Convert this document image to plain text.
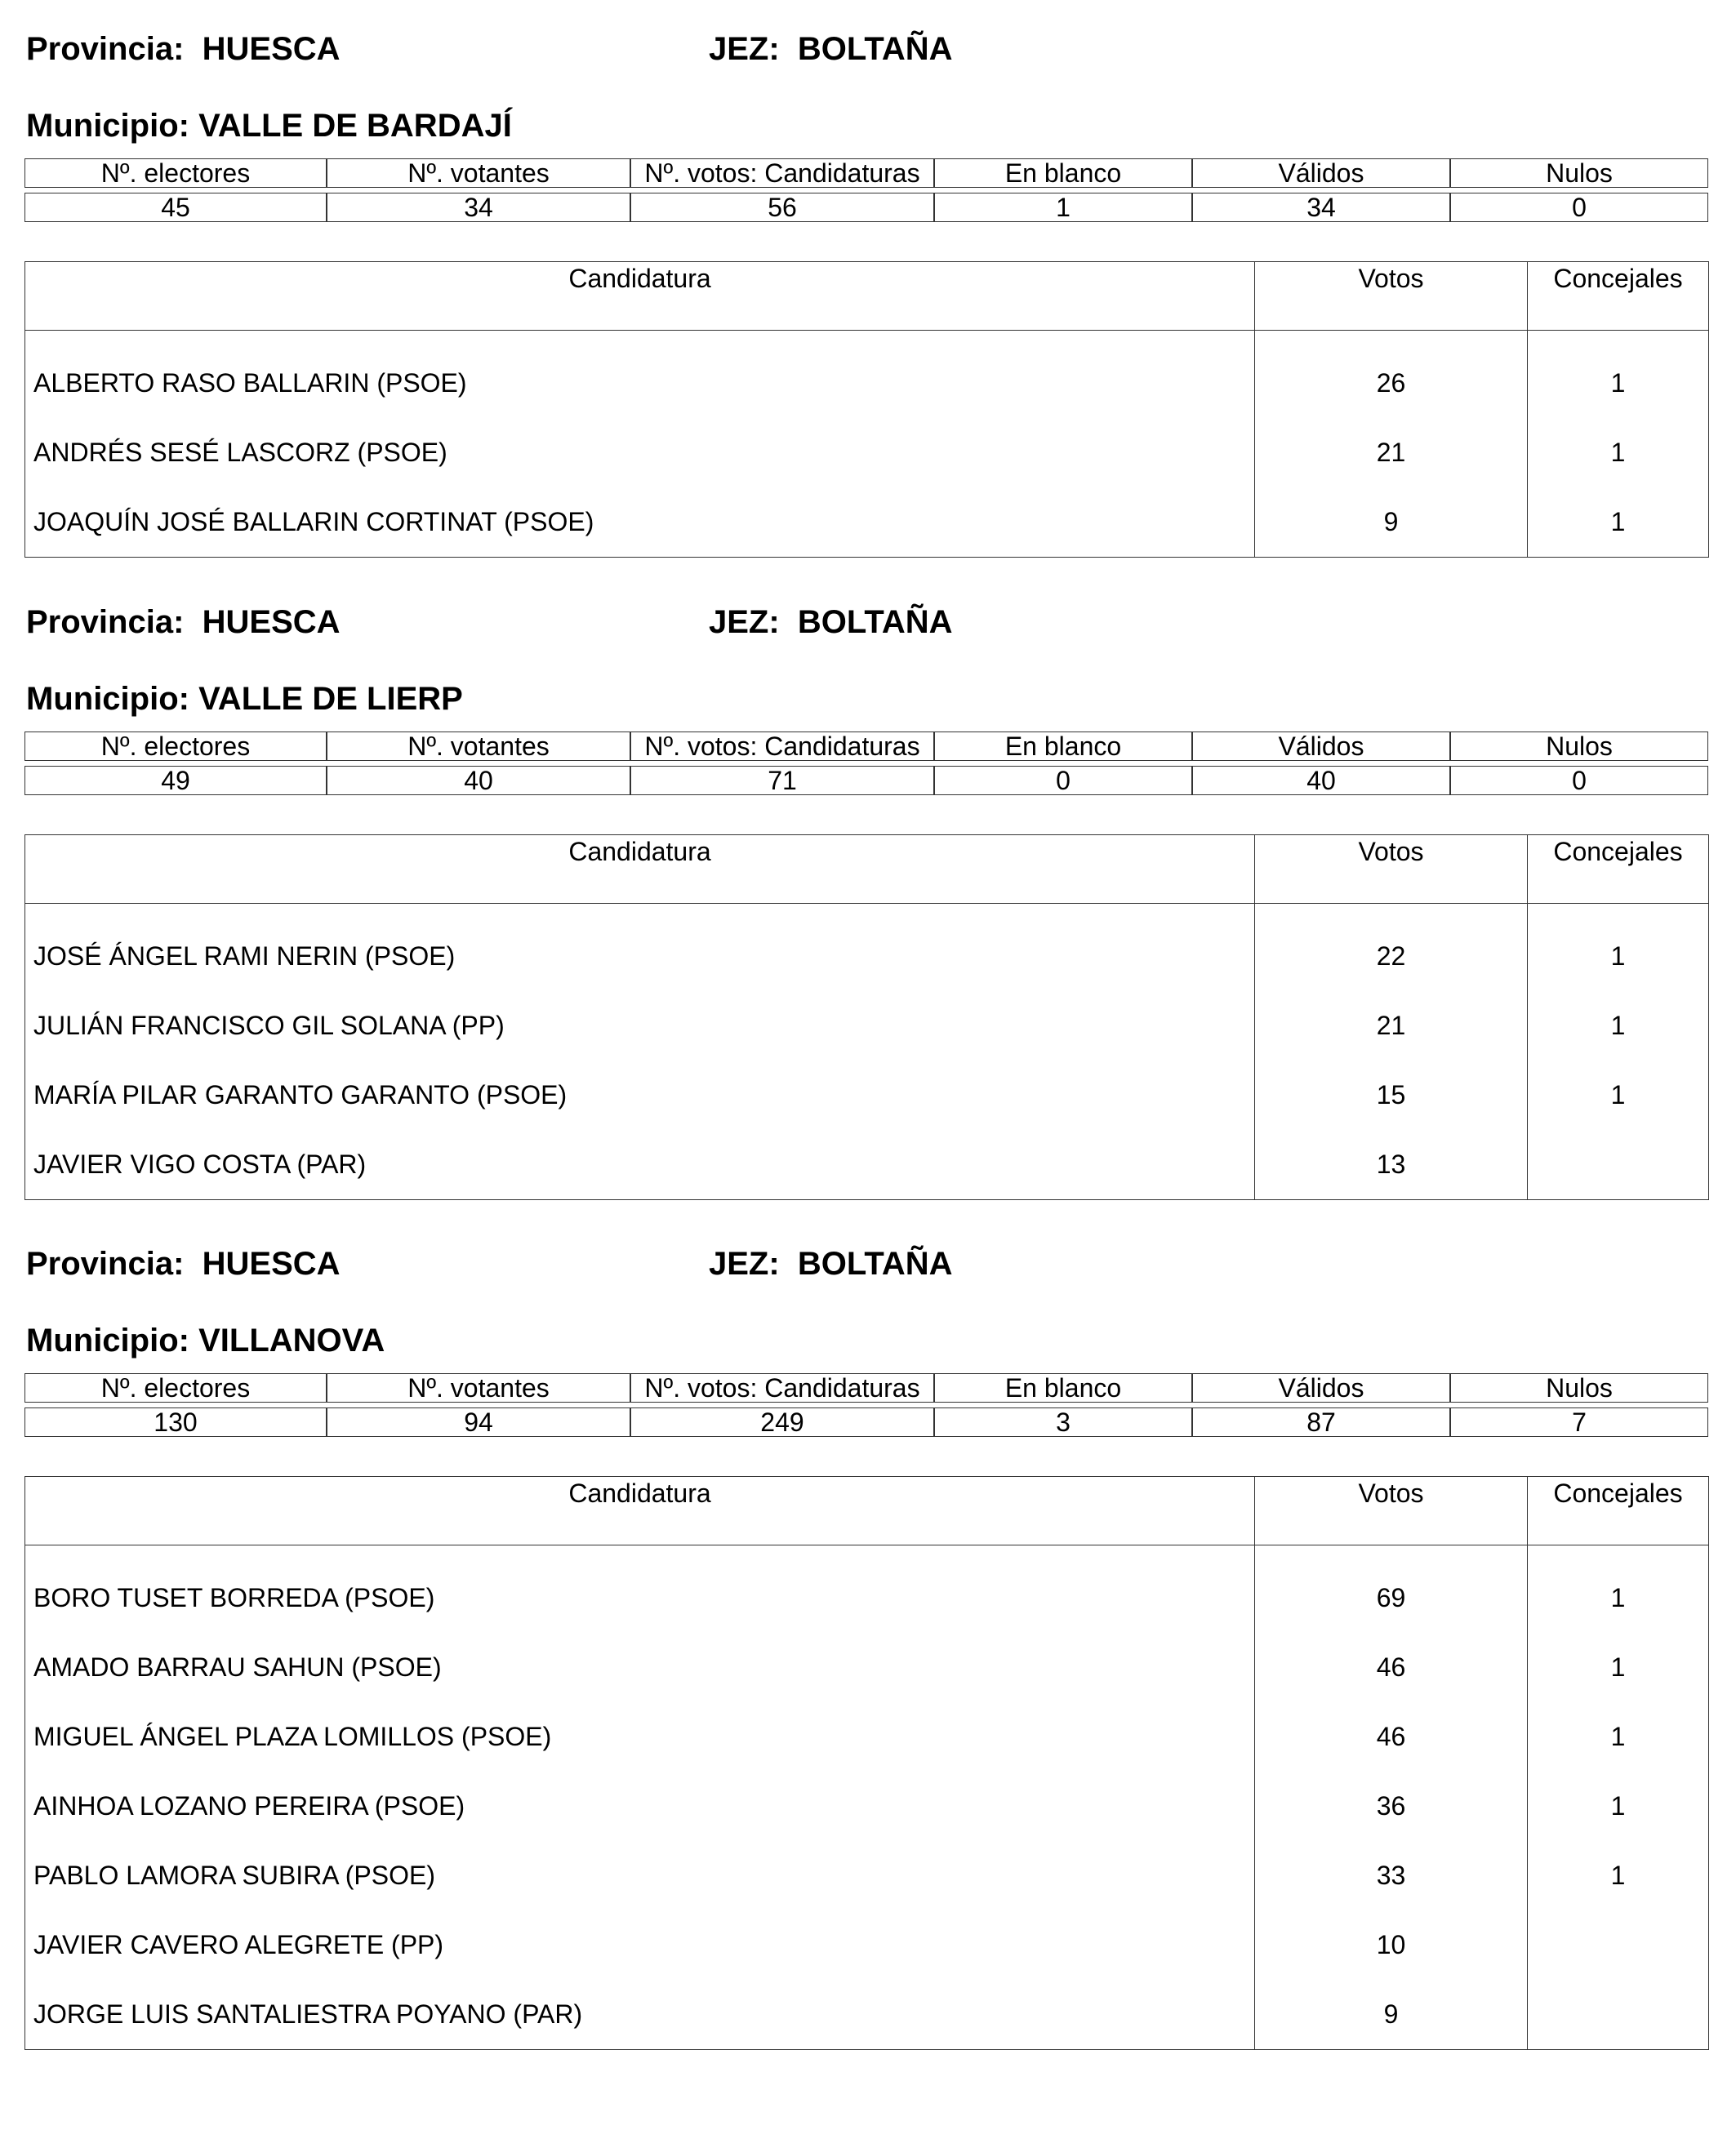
Provincia: HUESCA	JEZ: BOLTAÑA
Municipio: VALLE DE BARDAJÍ
Nº. electores	Nº. votantes	Nº. votos: Candidaturas	En blanco	Válidos	Nulos

45	34	56	1	34	0
Candidatura	Votos	Concejales

ALBERTO RASO BALLARIN (PSOE)	26	1
ANDRÉS SESÉ LASCORZ (PSOE)	21	1
JOAQUÍN JOSÉ BALLARIN CORTINAT (PSOE)	9	1
Provincia: HUESCA	JEZ: BOLTAÑA
Municipio: VALLE DE LIERP
Nº. electores	Nº. votantes	Nº. votos: Candidaturas	En blanco	Válidos	Nulos

49	40	71	0	40	0
Candidatura	Votos	Concejales

JOSÉ ÁNGEL RAMI NERIN (PSOE)	22	1
JULIÁN FRANCISCO GIL SOLANA (PP)	21	1
MARÍA PILAR GARANTO GARANTO (PSOE)	15	1
JAVIER VIGO COSTA (PAR)	13	
Provincia: HUESCA	JEZ: BOLTAÑA
Municipio: VILLANOVA
Nº. electores	Nº. votantes	Nº. votos: Candidaturas	En blanco	Válidos	Nulos

130	94	249	3	87	7
Candidatura	Votos	Concejales

BORO TUSET BORREDA (PSOE)	69	1
AMADO BARRAU SAHUN (PSOE)	46	1
MIGUEL ÁNGEL PLAZA LOMILLOS (PSOE)	46	1
AINHOA LOZANO PEREIRA (PSOE)	36	1
PABLO LAMORA SUBIRA (PSOE)	33	1
JAVIER CAVERO ALEGRETE (PP)	10	
JORGE LUIS SANTALIESTRA POYANO (PAR)	9	
